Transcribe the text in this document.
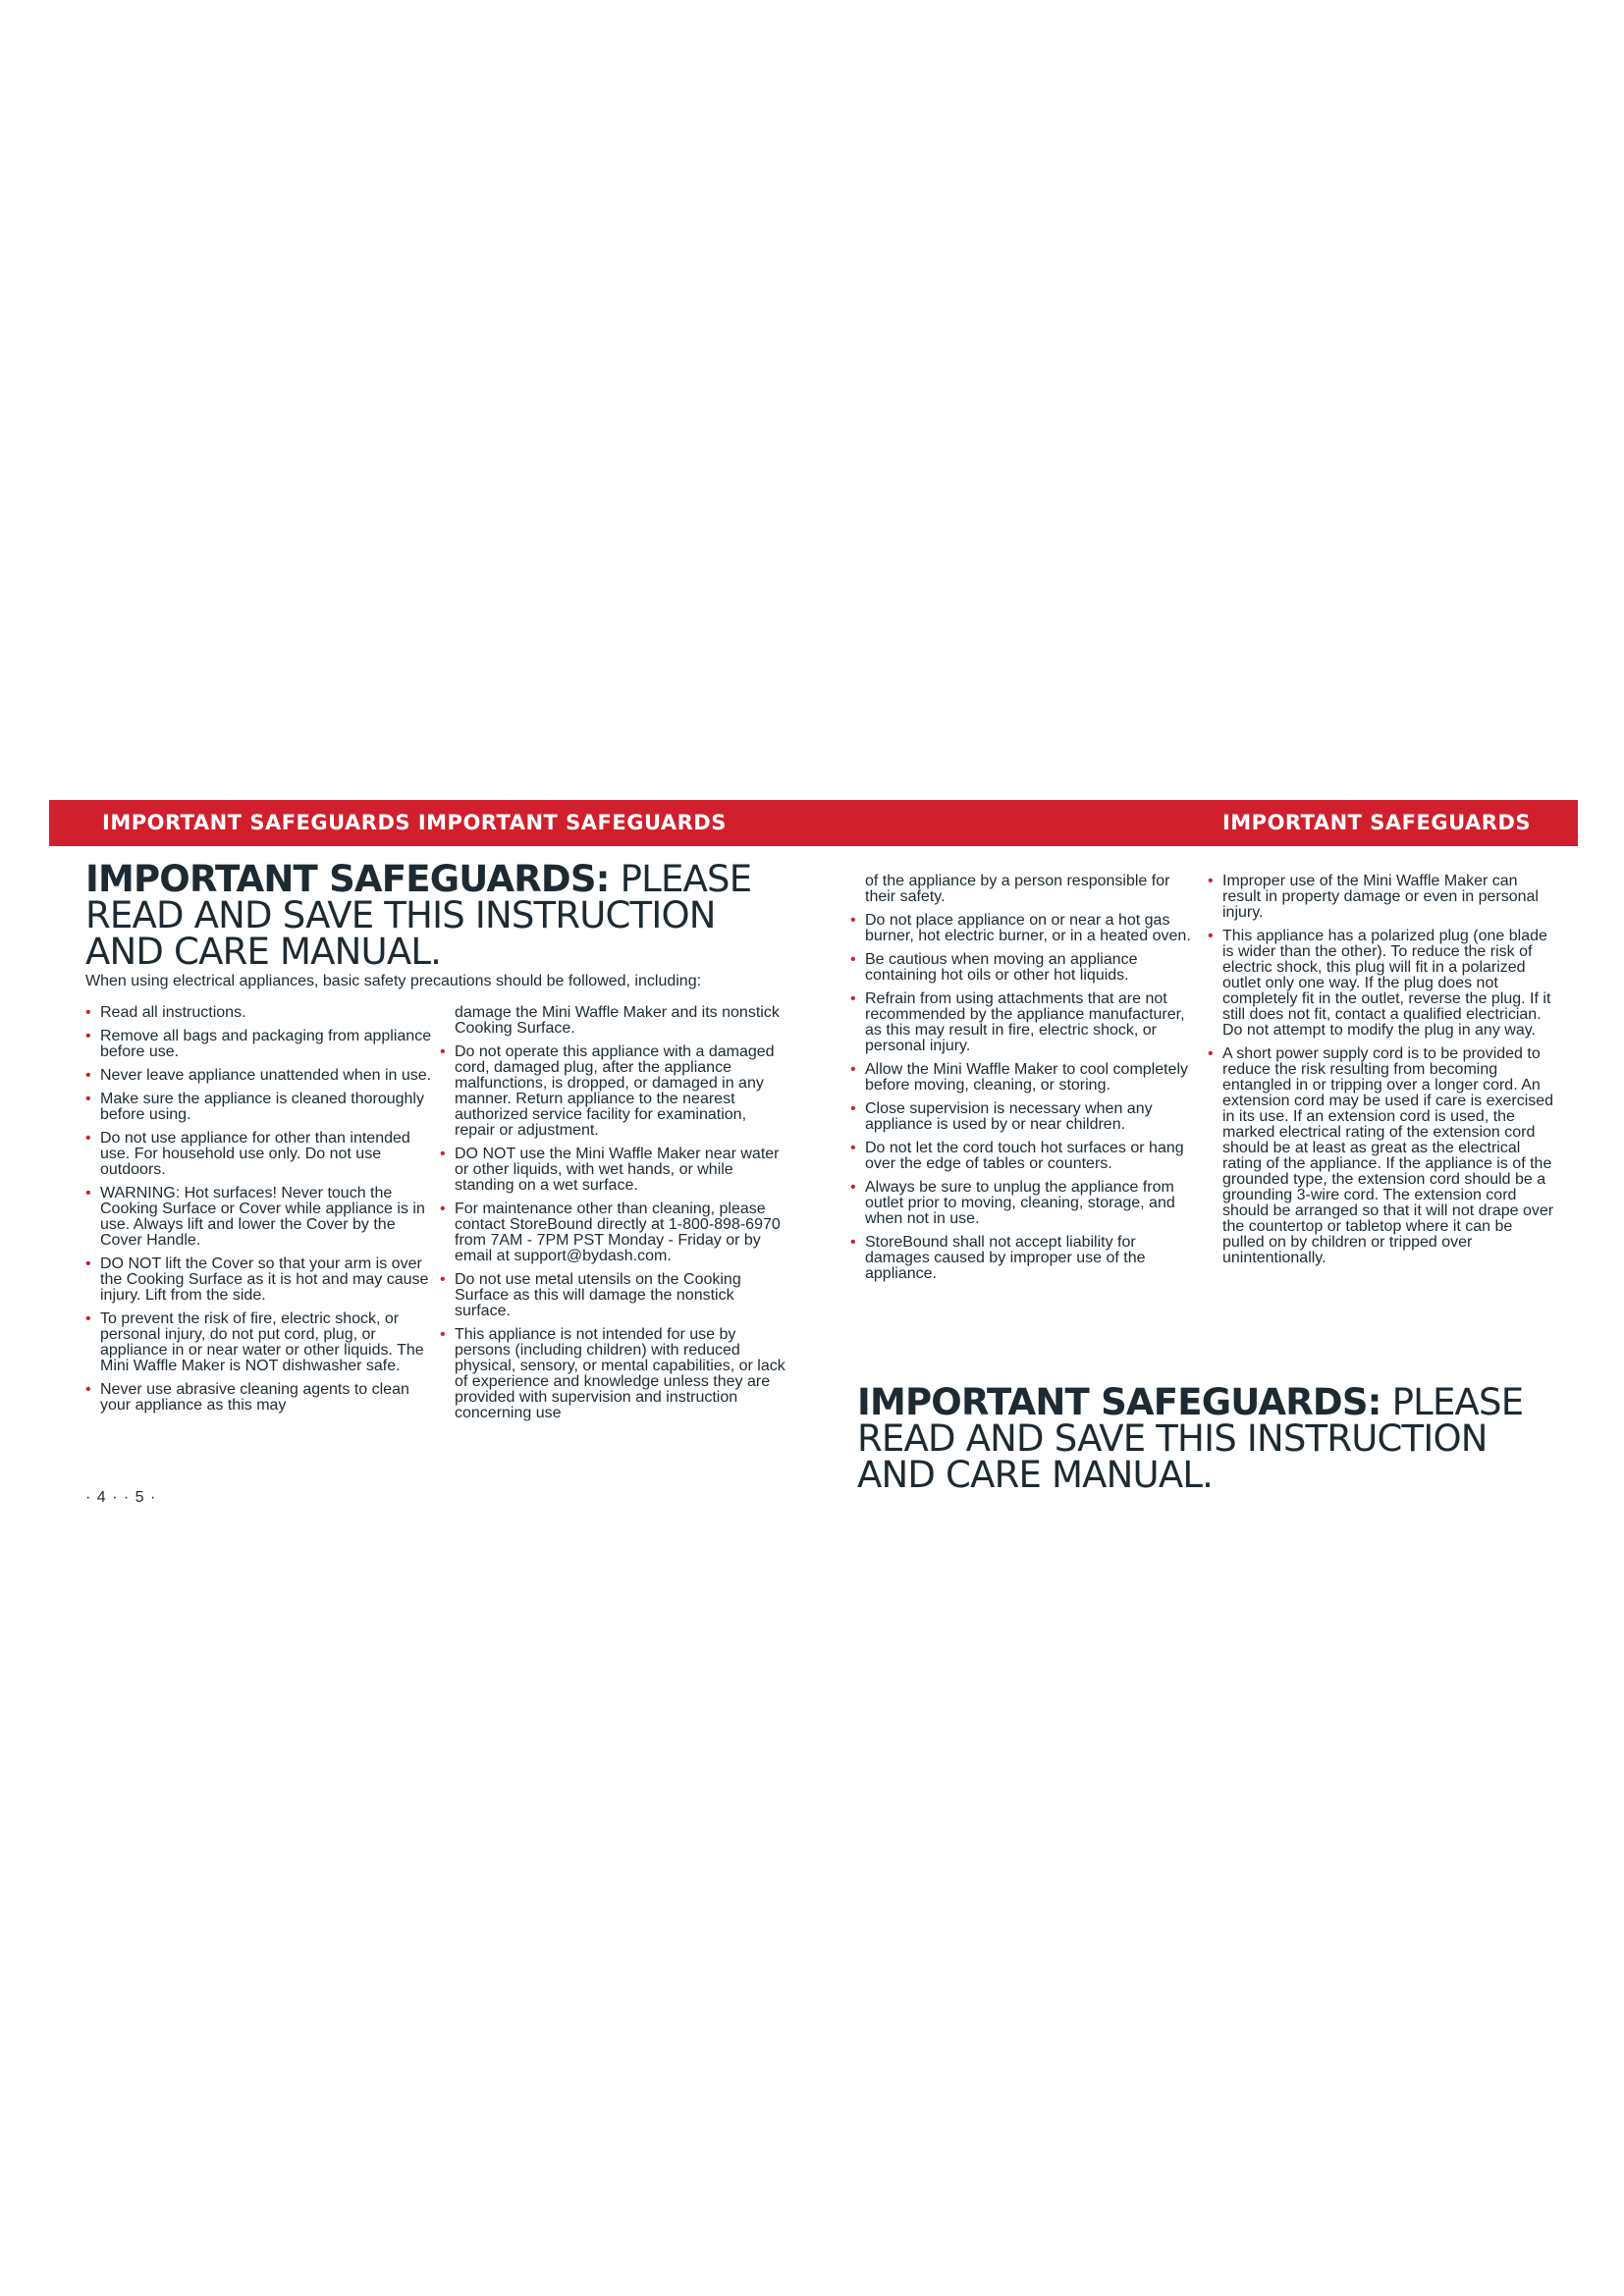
IMPORTANT SAFEGUARDS IMPORTANT SAFEGUARDS	IMPORTANT SAFEGUARDS
IMPORTANT SAFEGUARDS: PLEASE READ AND SAVE THIS INSTRUCTION AND CARE MANUAL.

When using electrical appliances, basic safety precautions should be followed, including:

• Read all instructions.
• Remove all bags and packaging from appliance before use.
• Never leave appliance unattended when in use.
• Make sure the appliance is cleaned thoroughly before using.
• Do not use appliance for other than intended use. For household use only. Do not use outdoors.
• WARNING: Hot surfaces! Never touch the Cooking Surface or Cover while appliance is in use. Always lift and lower the Cover by the Cover Handle.
• DO NOT lift the Cover so that your arm is over the Cooking Surface as it is hot and may cause injury. Lift from the side.
• To prevent the risk of fire, electric shock, or personal injury, do not put cord, plug, or appliance in or near water or other liquids. The Mini Waffle Maker is NOT dishwasher safe.
• Never use abrasive cleaning agents to clean your appliance as this may

damage the Mini Waffle Maker and its nonstick Cooking Surface.

• Do not operate this appliance with a damaged cord, damaged plug, after the appliance malfunctions, is dropped, or damaged in any manner. Return appliance to the nearest authorized service facility for examination, repair or adjustment.
• DO NOT use the Mini Waffle Maker near water or other liquids, with wet hands, or while standing on a wet surface.
• For maintenance other than cleaning, please contact StoreBound directly at 1-800-898-6970 from 7AM - 7PM PST Monday - Friday or by email at support@bydash.com.
• Do not use metal utensils on the Cooking Surface as this will damage the nonstick surface.
• This appliance is not intended for use by persons (including children) with reduced physical, sensory, or mental capabilities, or lack of experience and knowledge unless they are provided with supervision and instruction concerning use

of the appliance by a person responsible for their safety.

• Do not place appliance on or near a hot gas burner, hot electric burner, or in a heated oven.
• Be cautious when moving an appliance containing hot oils or other hot liquids.
• Refrain from using attachments that are not recommended by the appliance manufacturer, as this may result in fire, electric shock, or personal injury.
• Allow the Mini Waffle Maker to cool completely before moving, cleaning, or storing.
• Close supervision is necessary when any appliance is used by or near children.
• Do not let the cord touch hot surfaces or hang over the edge of tables or counters.
• Always be sure to unplug the appliance from outlet prior to moving, cleaning, storage, and when not in use.
• StoreBound shall not accept liability for damages caused by improper use of the appliance.
• Improper use of the Mini Waffle Maker can result in property damage or even in personal injury.
• This appliance has a polarized plug (one blade is wider than the other). To reduce the risk of electric shock, this plug will fit in a polarized outlet only one way. If the plug does not completely fit in the outlet, reverse the plug. If it still does not fit, contact a qualified electrician. Do not attempt to modify the plug in any way.
• A short power supply cord is to be provided to reduce the risk resulting from becoming entangled in or tripping over a longer cord. An extension cord may be used if care is exercised in its use. If an extension cord is used, the marked electrical rating of the extension cord should be at least as great as the electrical rating of the appliance. If the appliance is of the grounded type, the extension cord should be a grounding 3-wire cord. The extension cord should be arranged so that it will not drape over the countertop or tabletop where it can be pulled on by children or tripped over unintentionally.
IMPORTANT SAFEGUARDS: PLEASE READ AND SAVE THIS INSTRUCTION AND CARE MANUAL.

· 4 · · 5 ·
